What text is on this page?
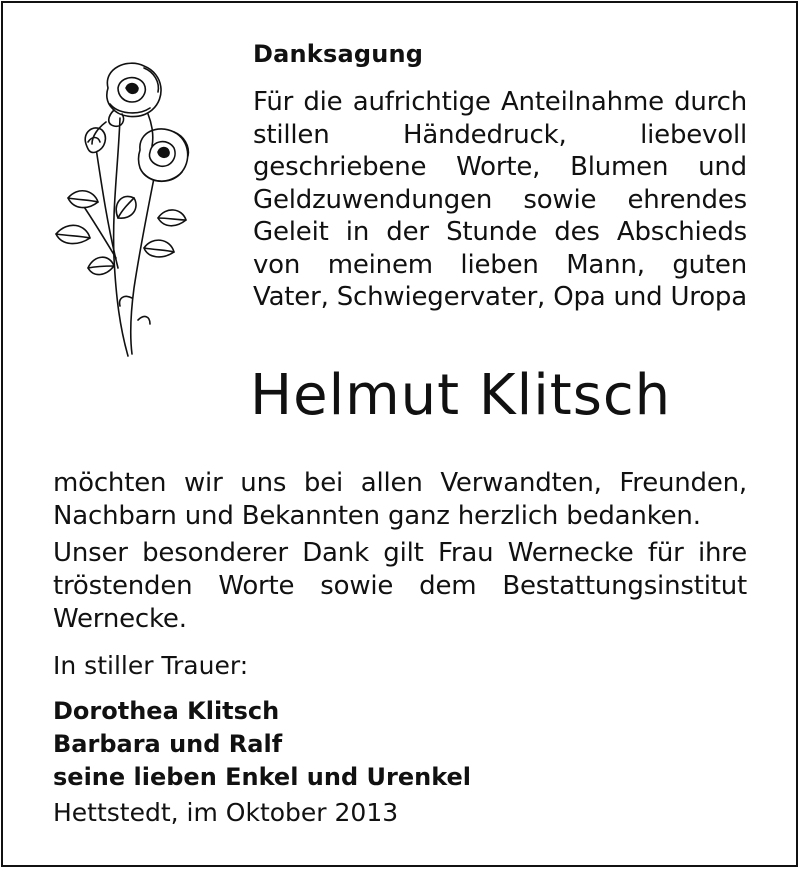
Danksagung
Für die aufrichtige Anteilnahme durch stillen Händedruck, liebevoll geschriebene Worte, Blumen und Geldzuwendungen sowie ehrendes Geleit in der Stunde des Abschieds von meinem lieben Mann, guten Vater, Schwiegervater, Opa und Uropa
Helmut Klitsch
möchten wir uns bei allen Verwandten, Freunden, Nachbarn und Bekannten ganz herzlich bedanken.
Unser besonderer Dank gilt Frau Wernecke für ihre tröstenden Worte sowie dem Bestattungsinstitut Wernecke.
In stiller Trauer:
Dorothea Klitsch
Barbara und Ralf
seine lieben Enkel und Urenkel
Hettstedt, im Oktober 2013
